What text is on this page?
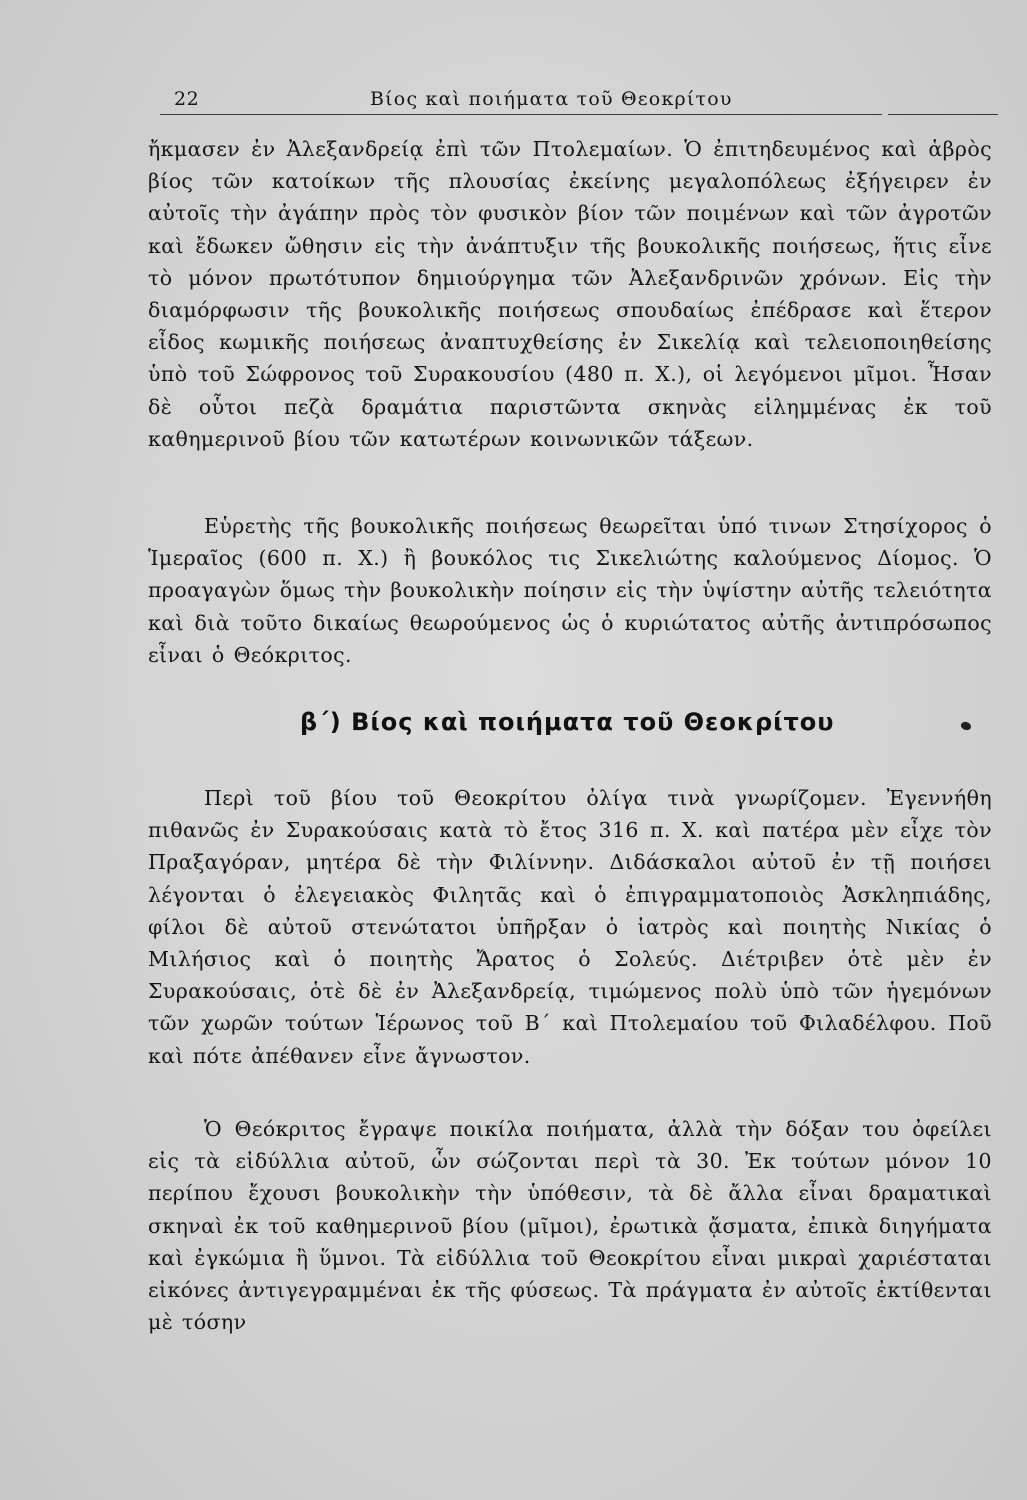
22	Βίος καὶ ποιήματα τοῦ Θεοκρίτου

ἤκμασεν ἐν Ἀλεξανδρείᾳ ἐπὶ τῶν Πτολεμαίων. Ὁ ἐπιτηδευμένος καὶ ἁβρὸς βίος τῶν κατοίκων τῆς πλουσίας ἐκείνης μεγαλοπόλεως ἐξήγειρεν ἐν αὐτοῖς τὴν ἀγάπην πρὸς τὸν φυσικὸν βίον τῶν ποιμένων καὶ τῶν ἀγροτῶν καὶ ἔδωκεν ὤθησιν εἰς τὴν ἀνάπτυξιν τῆς βουκολικῆς ποιήσεως, ἥτις εἶνε τὸ μόνον πρωτότυπον δημιούργημα τῶν Ἀλεξανδρινῶν χρόνων. Εἰς τὴν διαμόρφωσιν τῆς βουκολικῆς ποιήσεως σπουδαίως ἐπέδρασε καὶ ἕτερον εἶδος κωμικῆς ποιήσεως ἀναπτυχθείσης ἐν Σικελίᾳ καὶ τελειοποιηθείσης ὑπὸ τοῦ Σώφρονος τοῦ Συρακουσίου (480 π. Χ.), οἱ λεγόμενοι μῖμοι. Ἦσαν δὲ οὗτοι πεζὰ δραμάτια παριστῶντα σκηνὰς εἰλημμένας ἐκ τοῦ καθημερινοῦ βίου τῶν κατωτέρων κοινωνικῶν τάξεων.

Εὑρετὴς τῆς βουκολικῆς ποιήσεως θεωρεῖται ὑπό τινων Στησίχορος ὁ Ἱμεραῖος (600 π. Χ.) ἢ βουκόλος τις Σικελιώτης καλούμενος Δίομος. Ὁ προαγαγὼν ὅμως τὴν βουκολικὴν ποίησιν εἰς τὴν ὑψίστην αὐτῆς τελειότητα καὶ διὰ τοῦτο δικαίως θεωρούμενος ὡς ὁ κυριώτατος αὐτῆς ἀντιπρόσωπος εἶναι ὁ Θεόκριτος.

β΄) Βίος καὶ ποιήματα τοῦ Θεοκρίτου

Περὶ τοῦ βίου τοῦ Θεοκρίτου ὀλίγα τινὰ γνωρίζομεν. Ἐγεννήθη πιθανῶς ἐν Συρακούσαις κατὰ τὸ ἔτος 316 π. Χ. καὶ πατέρα μὲν εἶχε τὸν Πραξαγόραν, μητέρα δὲ τὴν Φιλίννην. Διδάσκαλοι αὐτοῦ ἐν τῇ ποιήσει λέγονται ὁ ἐλεγειακὸς Φιλητᾶς καὶ ὁ ἐπιγραμματοποιὸς Ἀσκληπιάδης, φίλοι δὲ αὐτοῦ στενώτατοι ὑπῆρξαν ὁ ἰατρὸς καὶ ποιητὴς Νικίας ὁ Μιλήσιος καὶ ὁ ποιητὴς Ἄρατος ὁ Σολεύς. Διέτριβεν ὁτὲ μὲν ἐν Συρακούσαις, ὁτὲ δὲ ἐν Ἀλεξανδρείᾳ, τιμώμενος πολὺ ὑπὸ τῶν ἡγεμόνων τῶν χωρῶν τούτων Ἱέρωνος τοῦ Β΄ καὶ Πτολεμαίου τοῦ Φιλαδέλφου. Ποῦ καὶ πότε ἀπέθανεν εἶνε ἄγνωστον.

Ὁ Θεόκριτος ἔγραψε ποικίλα ποιήματα, ἀλλὰ τὴν δόξαν του ὀφείλει εἰς τὰ εἰδύλλια αὐτοῦ, ὧν σώζονται περὶ τὰ 30. Ἐκ τούτων μόνον 10 περίπου ἔχουσι βουκολικὴν τὴν ὑπόθεσιν, τὰ δὲ ἄλλα εἶναι δραματικαὶ σκηναὶ ἐκ τοῦ καθημερινοῦ βίου (μῖμοι), ἐρωτικὰ ᾄσματα, ἐπικὰ διηγήματα καὶ ἐγκώμια ἢ ὕμνοι. Τὰ εἰδύλλια τοῦ Θεοκρίτου εἶναι μικραὶ χαριέσταται εἰκόνες ἀντιγεγραμμέναι ἐκ τῆς φύσεως. Τὰ πράγματα ἐν αὐτοῖς ἐκτίθενται μὲ τόσην
